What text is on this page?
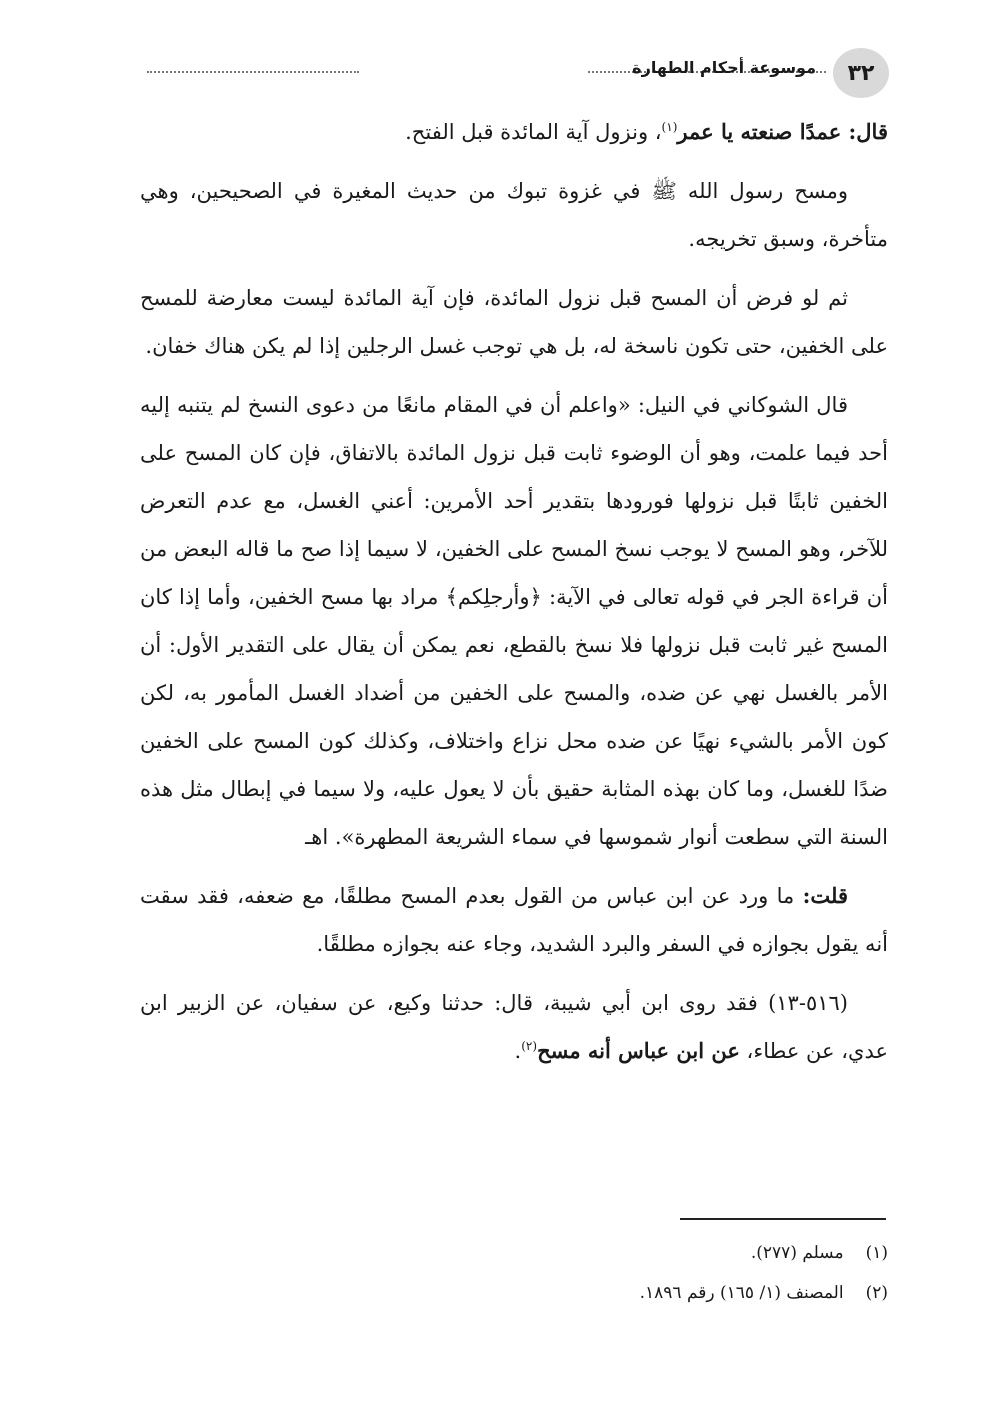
٣٢
موسوعة أحكام الطهارة

قال: عمدًا صنعته يا عمر$^{(١)}$، ونزول آية المائدة قبل الفتح.

ومسح رسول الله ﷺ في غزوة تبوك من حديث المغيرة في الصحيحين، وهي متأخرة، وسبق تخريجه.

ثم لو فرض أن المسح قبل نزول المائدة، فإن آية المائدة ليست معارضة للمسح على الخفين، حتى تكون ناسخة له، بل هي توجب غسل الرجلين إذا لم يكن هناك خفان.

قال الشوكاني في النيل: «واعلم أن في المقام مانعًا من دعوى النسخ لم يتنبه إليه أحد فيما علمت، وهو أن الوضوء ثابت قبل نزول المائدة بالاتفاق، فإن كان المسح على الخفين ثابتًا قبل نزولها فورودها بتقدير أحد الأمرين: أعني الغسل، مع عدم التعرض للآخر، وهو المسح لا يوجب نسخ المسح على الخفين، لا سيما إذا صح ما قاله البعض من أن قراءة الجر في قوله تعالى في الآية: ﴿وأرجلِكم﴾ مراد بها مسح الخفين، وأما إذا كان المسح غير ثابت قبل نزولها فلا نسخ بالقطع، نعم يمكن أن يقال على التقدير الأول: أن الأمر بالغسل نهي عن ضده، والمسح على الخفين من أضداد الغسل المأمور به، لكن كون الأمر بالشيء نهيًا عن ضده محل نزاع واختلاف، وكذلك كون المسح على الخفين ضدًا للغسل، وما كان بهذه المثابة حقيق بأن لا يعول عليه، ولا سيما في إبطال مثل هذه السنة التي سطعت أنوار شموسها في سماء الشريعة المطهرة». اهـ

قلت: ما ورد عن ابن عباس من القول بعدم المسح مطلقًا، مع ضعفه، فقد سقت أنه يقول بجوازه في السفر والبرد الشديد، وجاء عنه بجوازه مطلقًا.

(٥١٦-١٣) فقد روى ابن أبي شيبة، قال: حدثنا وكيع، عن سفيان، عن الزبير ابن عدي، عن عطاء، عن ابن عباس أنه مسح$^{(٢)}$.

(١)
مسلم (٢٧٧).
(٢)
المصنف (١/ ١٦٥) رقم ١٨٩٦.
